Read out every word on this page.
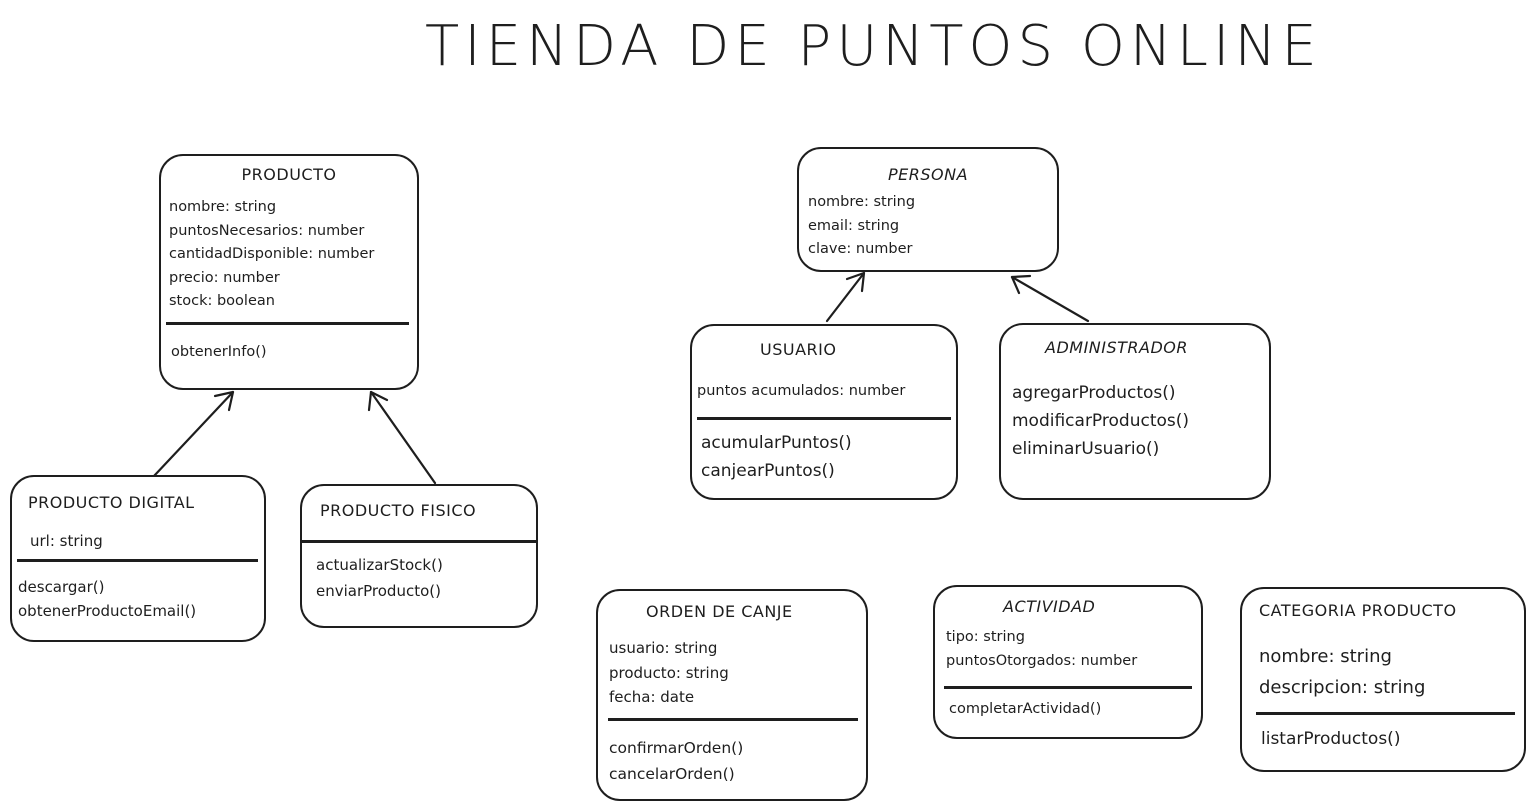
TIENDA DE PUNTOS ONLINE
PRODUCTO
nombre: string
puntosNecesarios: number
cantidadDisponible: number
precio: number
stock: boolean
obtenerInfo()
PRODUCTO DIGITAL
url: string
descargar()
obtenerProductoEmail()
PRODUCTO FISICO
actualizarStock()
enviarProducto()
PERSONA
nombre: string
email: string
clave: number
USUARIO
puntos acumulados: number
acumularPuntos()
canjearPuntos()
ADMINISTRADOR
agregarProductos()
modificarProductos()
eliminarUsuario()
ORDEN DE CANJE
usuario: string
producto: string
fecha: date
confirmarOrden()
cancelarOrden()
ACTIVIDAD
tipo: string
puntosOtorgados: number
completarActividad()
CATEGORIA PRODUCTO
nombre: string
descripcion: string
listarProductos()
